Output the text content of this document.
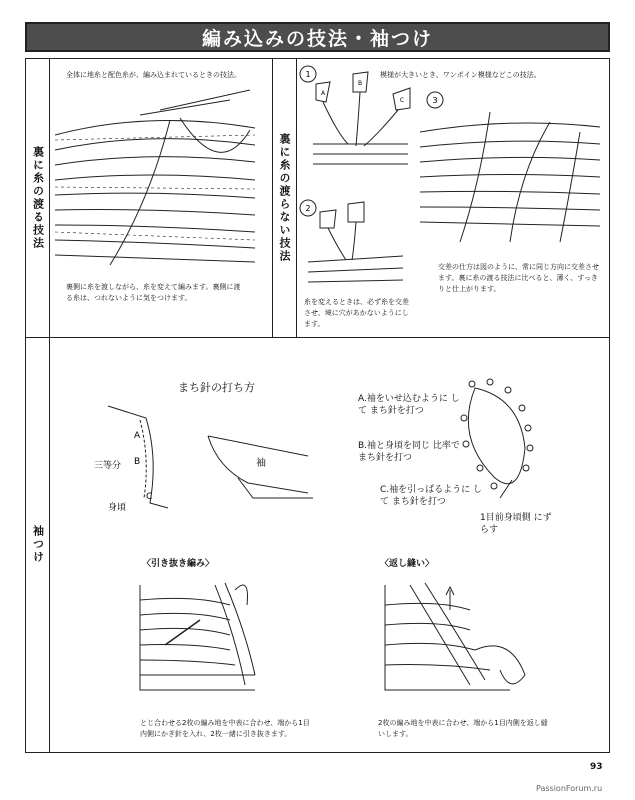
編み込みの技法・袖つけ
裏に糸の渡る技法
袖つけ
裏に糸の渡らない技法
全体に地糸と配色糸が、編み込まれているときの技法。
裏側に糸を渡しながら、糸を変えて編みます。裏側に渡る糸は、つれないように気をつけます。
模様が大きいとき、ワンポイン模様などこの技法。
1
A
B
C
2
糸を変えるときは、必ず糸を交差させ、境に穴があかないようにします。
3
交差の仕方は図のように、常に同じ方向に交差させます。裏に糸の渡る技法に比べると、薄く、すっきりと仕上がります。
まち針の打ち方
A
B
C
三等分
身頃
袖
A.袖をいせ込むように して まち針を打つ
B.袖と身頃を同じ 比率でまち針を打つ
C.袖を引っぱるように して まち針を打つ
1目前身頃側 にずらす
〈引き抜き編み〉
とじ合わせる2枚の編み地を中表に合わせ、端から1目内側にかぎ針を入れ、2枚一緒に引き抜きます。
〈返し縫い〉
2枚の編み地を中表に合わせ、端から1目内側を返し縫いします。
93
PassionForum.ru
